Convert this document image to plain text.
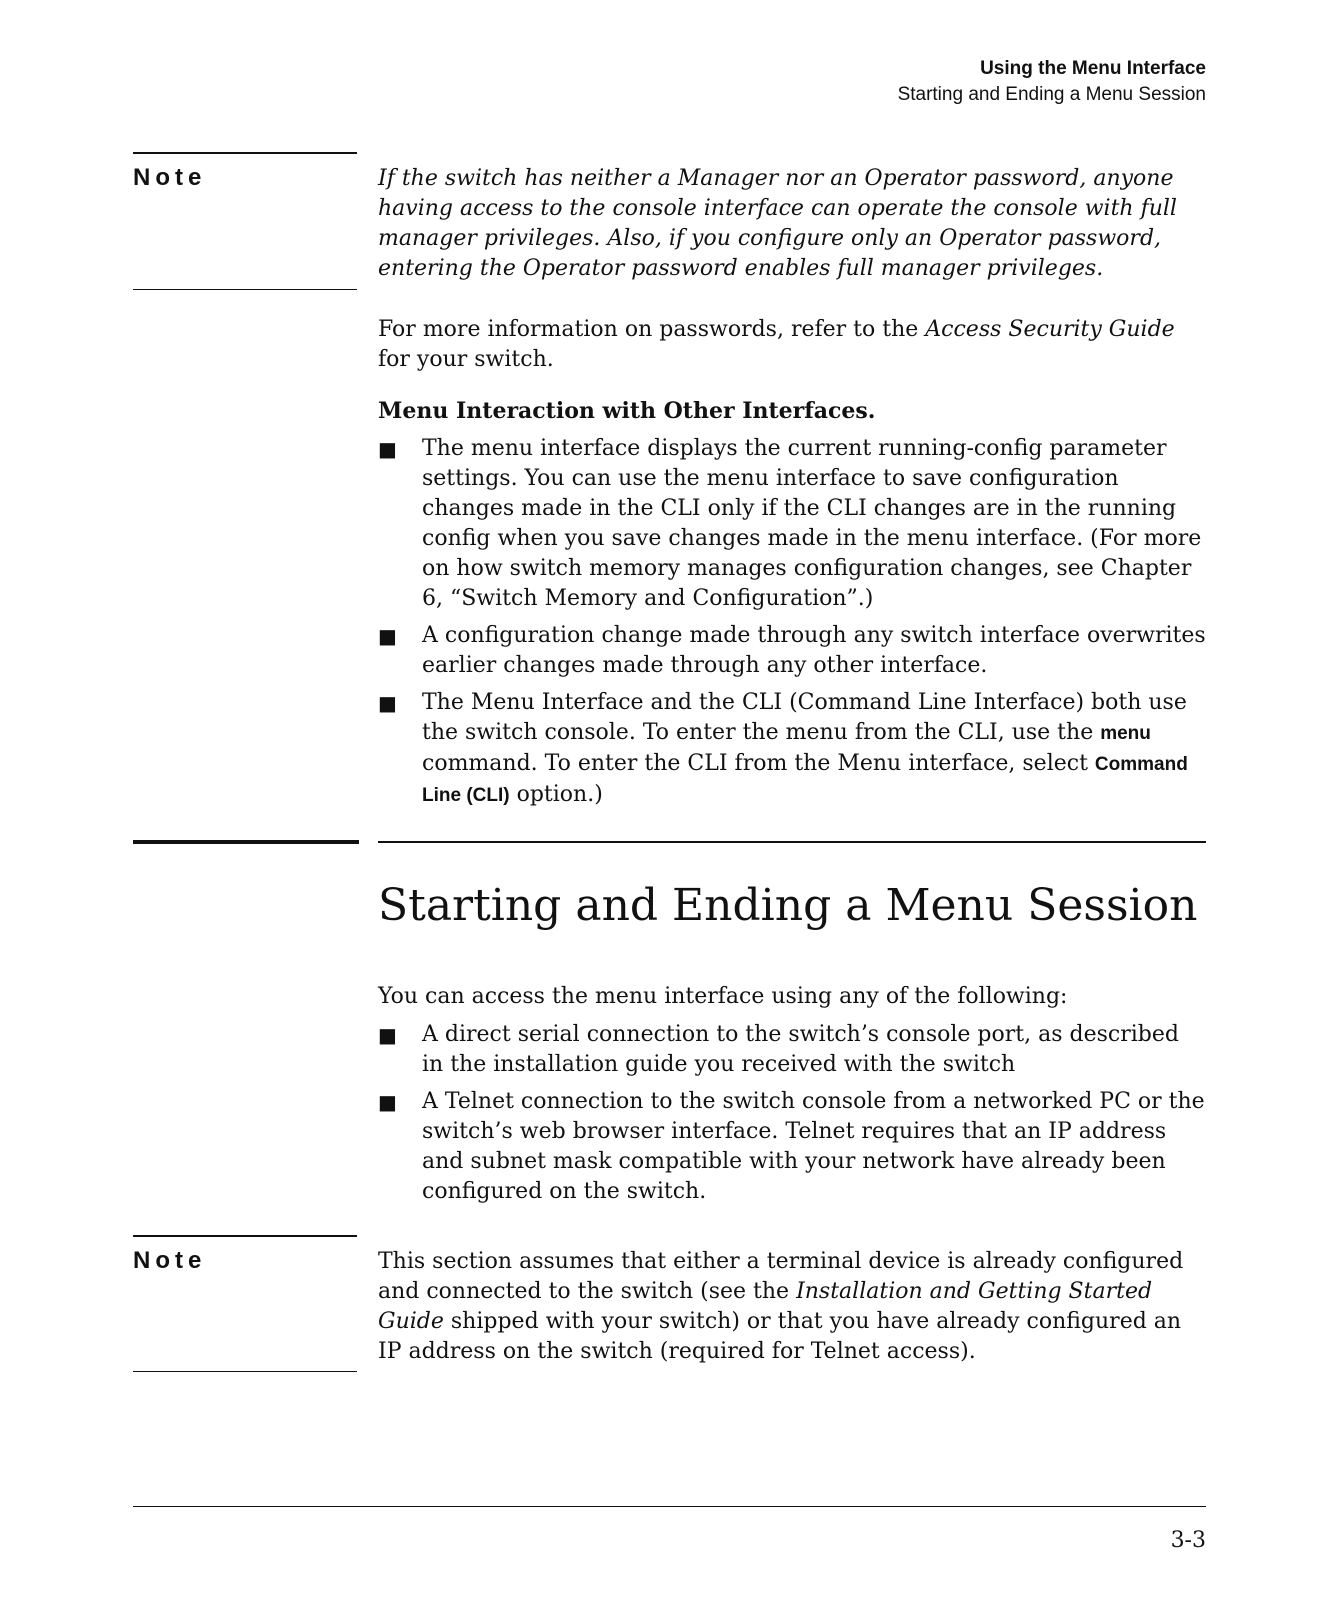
Using the Menu Interface
Starting and Ending a Menu Session
Note	If the switch has neither a Manager nor an Operator password, anyone having access to the console interface can operate the console with full manager privileges. Also, if you configure only an Operator password, entering the Operator password enables full manager privileges.

For more information on passwords, refer to the Access Security Guide for your switch.

Menu Interaction with Other Interfaces.

■ The menu interface displays the current running-config parameter settings. You can use the menu interface to save configuration changes made in the CLI only if the CLI changes are in the running config when you save changes made in the menu interface. (For more on how switch memory manages configuration changes, see Chapter 6, “Switch Memory and Configuration”.)
■ A configuration change made through any switch interface overwrites earlier changes made through any other interface.
■ The Menu Interface and the CLI (Command Line Interface) both use the switch console. To enter the menu from the CLI, use the menu command. To enter the CLI from the Menu interface, select Command Line (CLI) option.)
Starting and Ending a Menu Session

You can access the menu interface using any of the following:

■ A direct serial connection to the switch’s console port, as described in the installation guide you received with the switch
■ A Telnet connection to the switch console from a networked PC or the switch’s web browser interface. Telnet requires that an IP address and subnet mask compatible with your network have already been configured on the switch.
Note	This section assumes that either a terminal device is already configured and connected to the switch (see the Installation and Getting Started Guide shipped with your switch) or that you have already configured an IP address on the switch (required for Telnet access).

3-3
